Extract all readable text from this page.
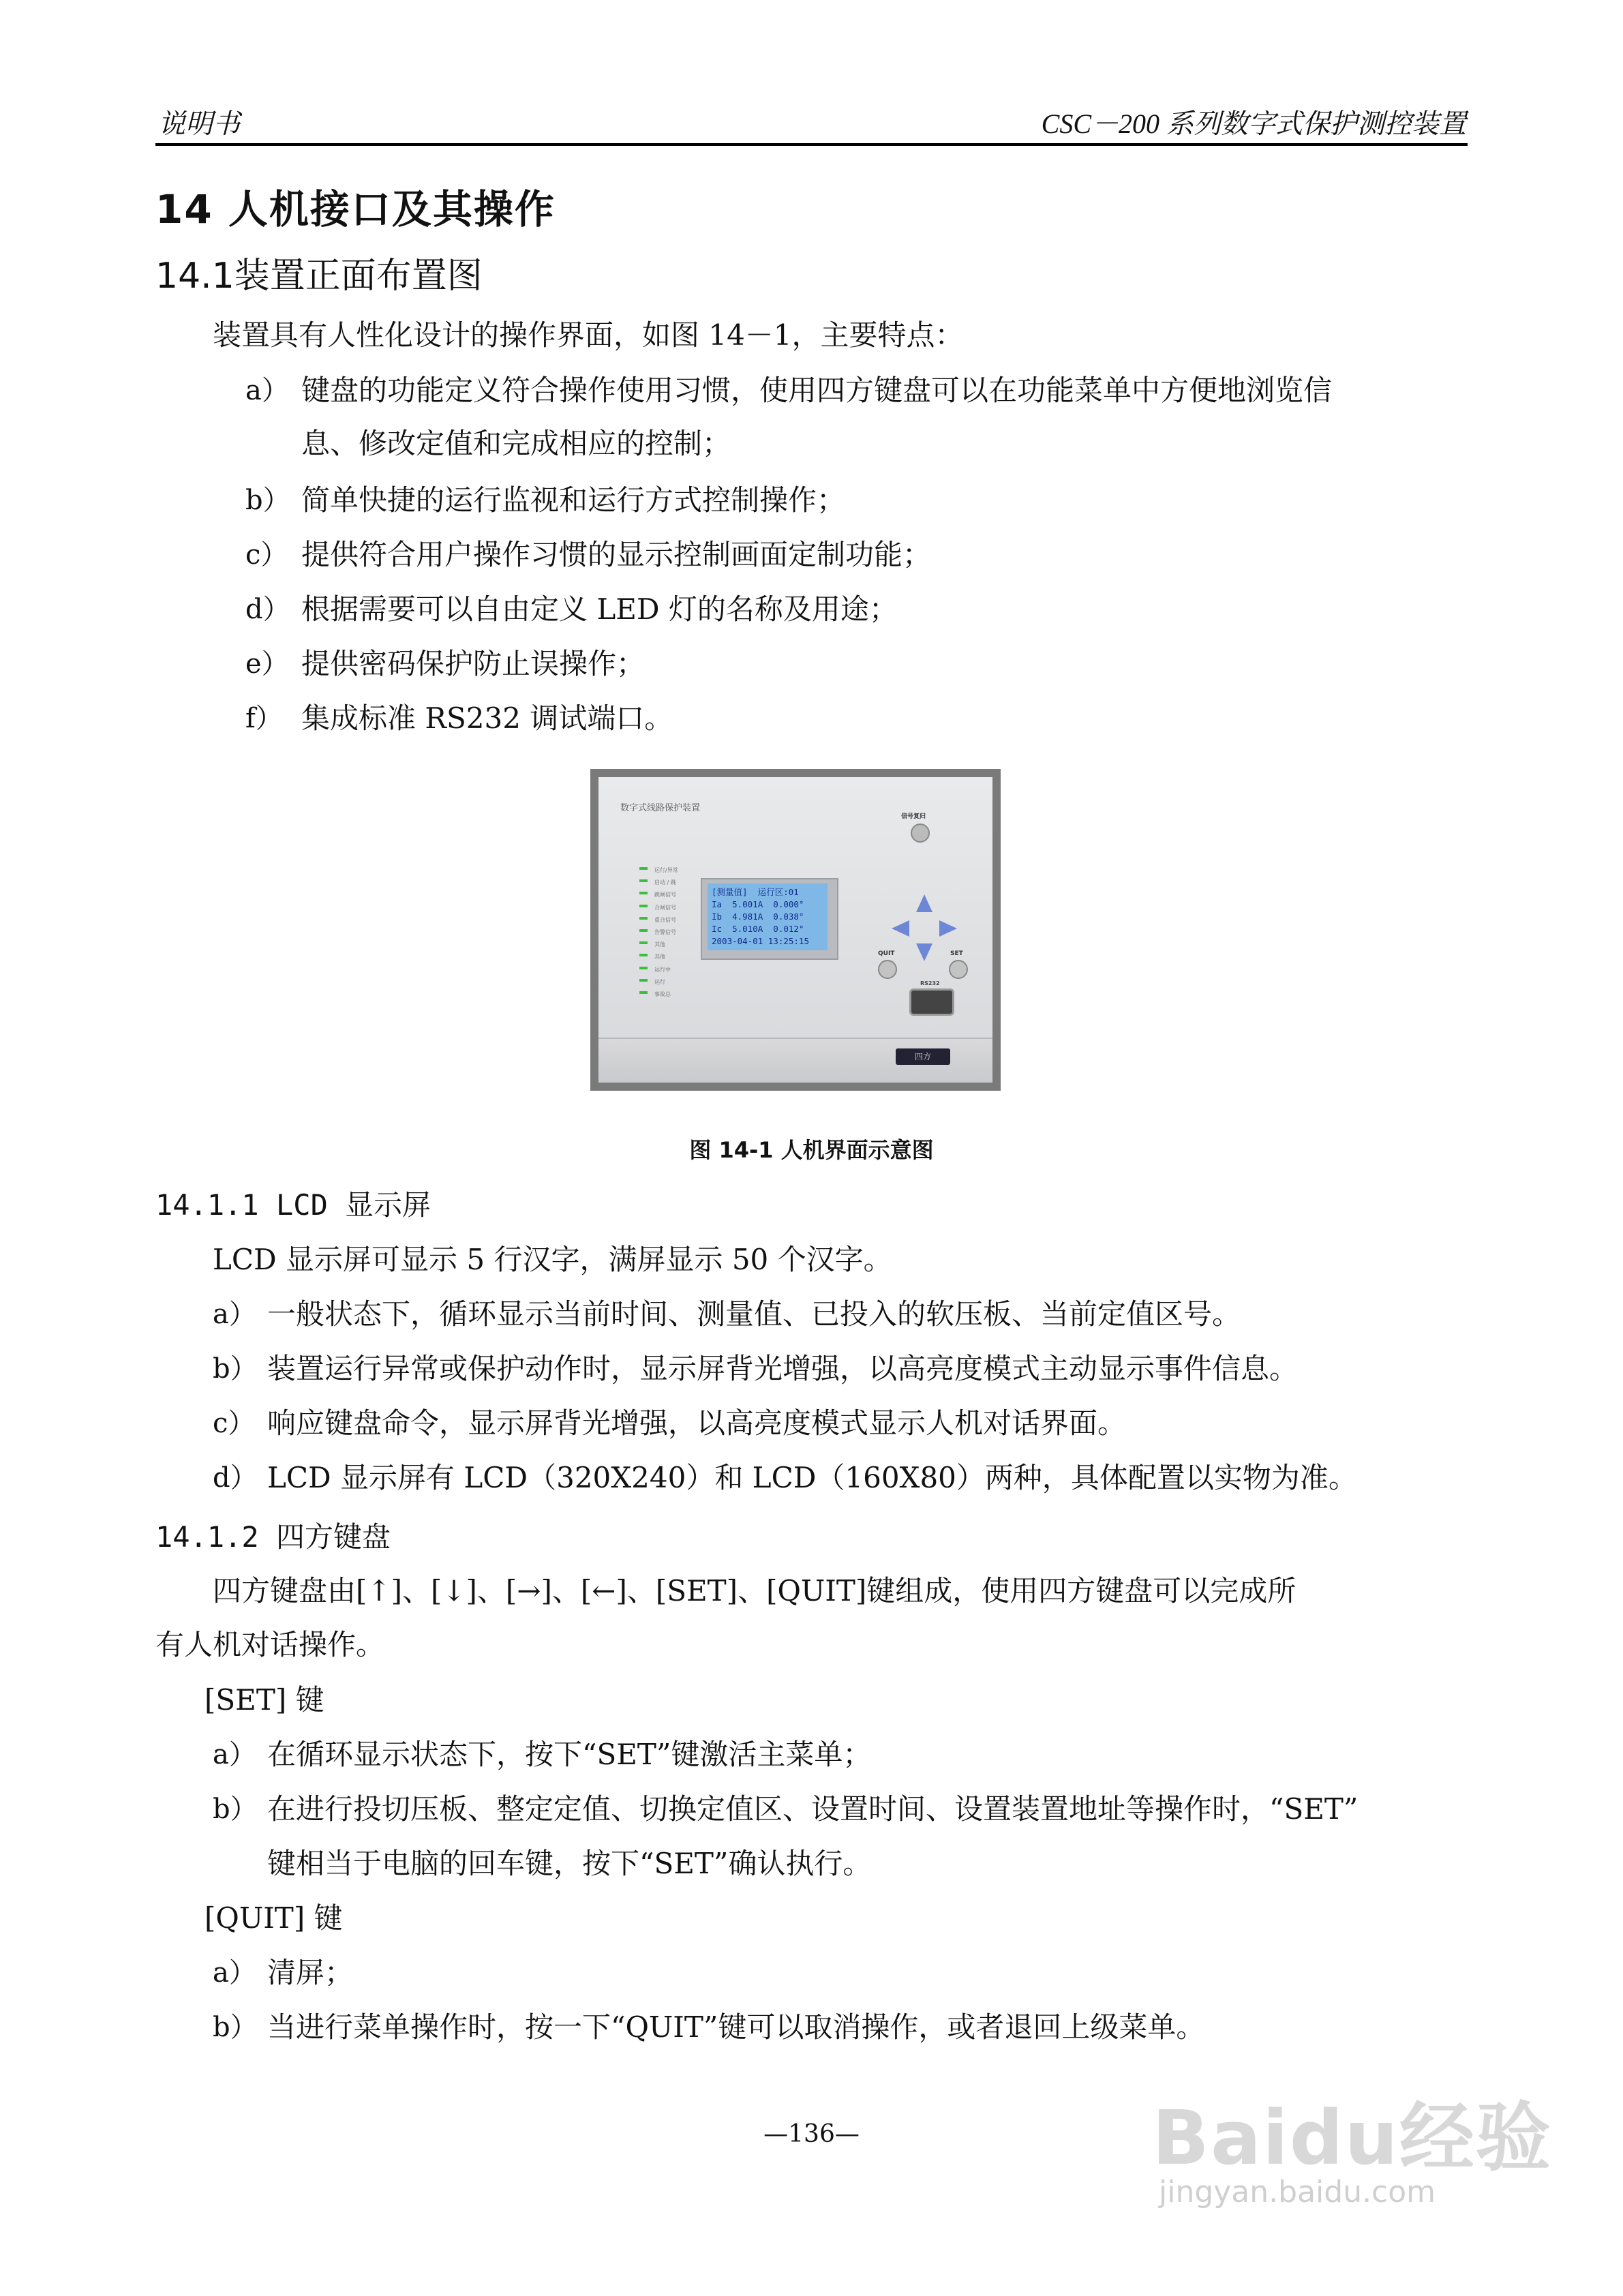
说明书	CSC－200 系列数字式保护测控装置
14 人机接口及其操作
14.1装置正面布置图
装置具有人性化设计的操作界面，如图 14－1，主要特点：
a） 键盘的功能定义符合操作使用习惯，使用四方键盘可以在功能菜单中方便地浏览信
息、修改定值和完成相应的控制；
b） 简单快捷的运行监视和运行方式控制操作；
c） 提供符合用户操作习惯的显示控制画面定制功能；
d） 根据需要可以自由定义 LED 灯的名称及用途；
e） 提供密码保护防止误操作；
f） 集成标准 RS232 调试端口。
数字式线路保护装置
信号复归
运行/异常
启动 / 跳
跳闸信号
合闸信号
重合信号
告警信号
其他
其他
运行中
运行
事故总
[测量值]  运行区:01
Ia  5.001A  0.000°
Ib  4.981A  0.038°
Ic  5.010A  0.012°
2003-04-01 13:25:15
QUIT	SET
RS232
四方
图 14-1 人机界面示意图
14.1.1 LCD 显示屏
LCD 显示屏可显示 5 行汉字，满屏显示 50 个汉字。
a） 一般状态下，循环显示当前时间、测量值、已投入的软压板、当前定值区号。
b） 装置运行异常或保护动作时，显示屏背光增强，以高亮度模式主动显示事件信息。
c） 响应键盘命令，显示屏背光增强，以高亮度模式显示人机对话界面。
d） LCD 显示屏有 LCD（320X240）和 LCD（160X80）两种，具体配置以实物为准。
14.1.2 四方键盘
四方键盘由[↑]、[↓]、[→]、[←]、[SET]、[QUIT]键组成，使用四方键盘可以完成所
有人机对话操作。
[SET] 键
a） 在循环显示状态下，按下“SET”键激活主菜单；
b） 在进行投切压板、整定定值、切换定值区、设置时间、设置装置地址等操作时，“SET”
键相当于电脑的回车键，按下“SET”确认执行。
[QUIT] 键
a） 清屏；
b） 当进行菜单操作时，按一下“QUIT”键可以取消操作，或者退回上级菜单。
—136—	Baidu经验
jingyan.baidu.com
